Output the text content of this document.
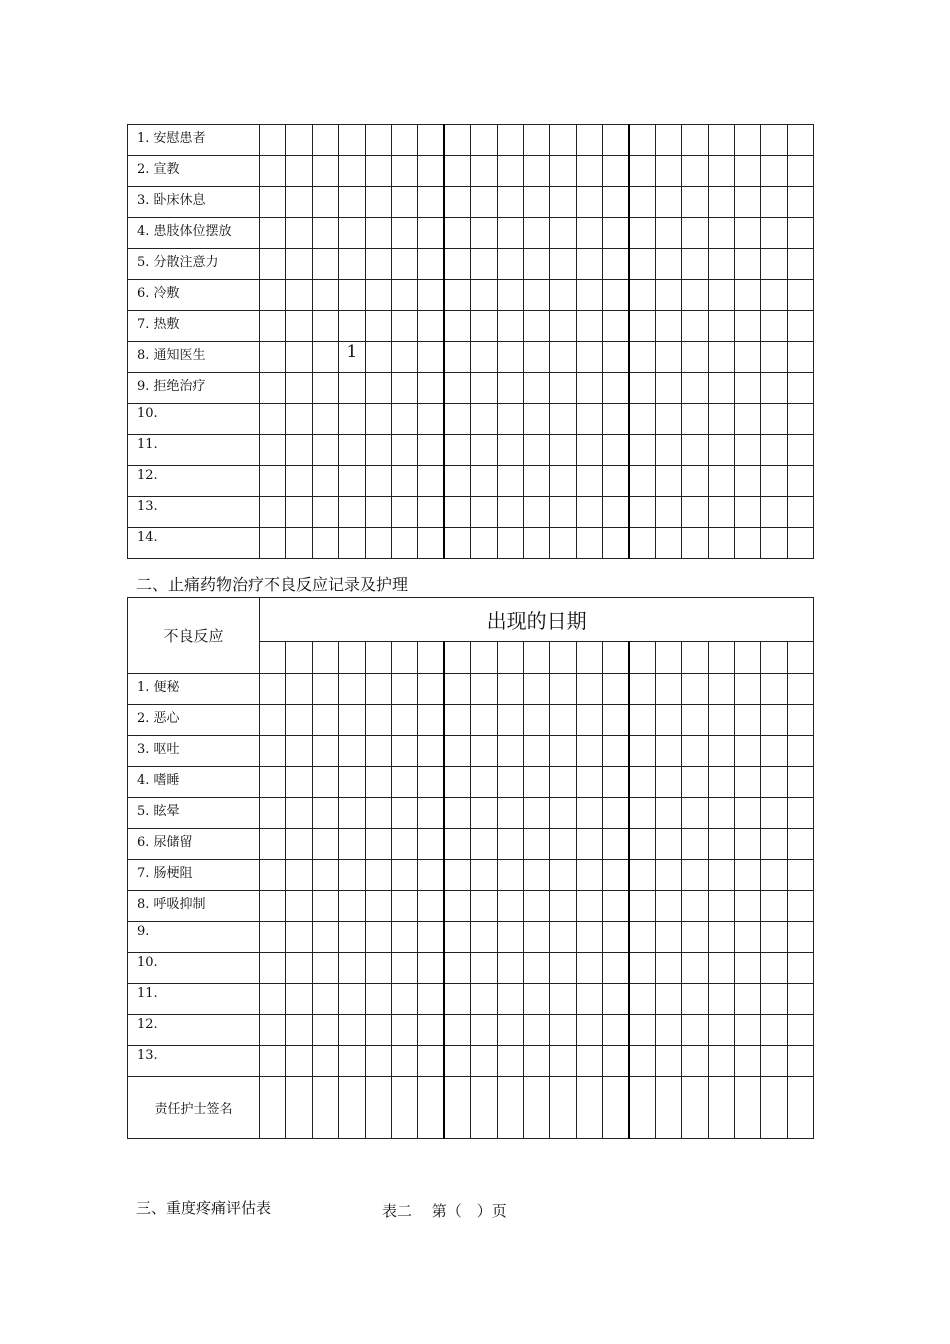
1. 安慰患者																					
2. 宣教																					
3. 卧床休息																					
4. 患肢体位摆放																					
5. 分散注意力																					
6. 冷敷																					
7. 热敷																					
8. 通知医生				1																	
9. 拒绝治疗																					
10.																					
11.																					
12.																					
13.																					
14.																					
二、止痛药物治疗不良反应记录及护理
不良反应	出现的日期																				

1. 便秘																					
2. 恶心																					
3. 呕吐																					
4. 嗜睡																					
5. 眩晕																					
6. 尿储留																					
7. 肠梗阻																					
8. 呼吸抑制																					
9.																					
10.																					
11.																					
12.																					
13.																					
责任护士签名																					
三、重度疼痛评估表	表二　 第（　）页
